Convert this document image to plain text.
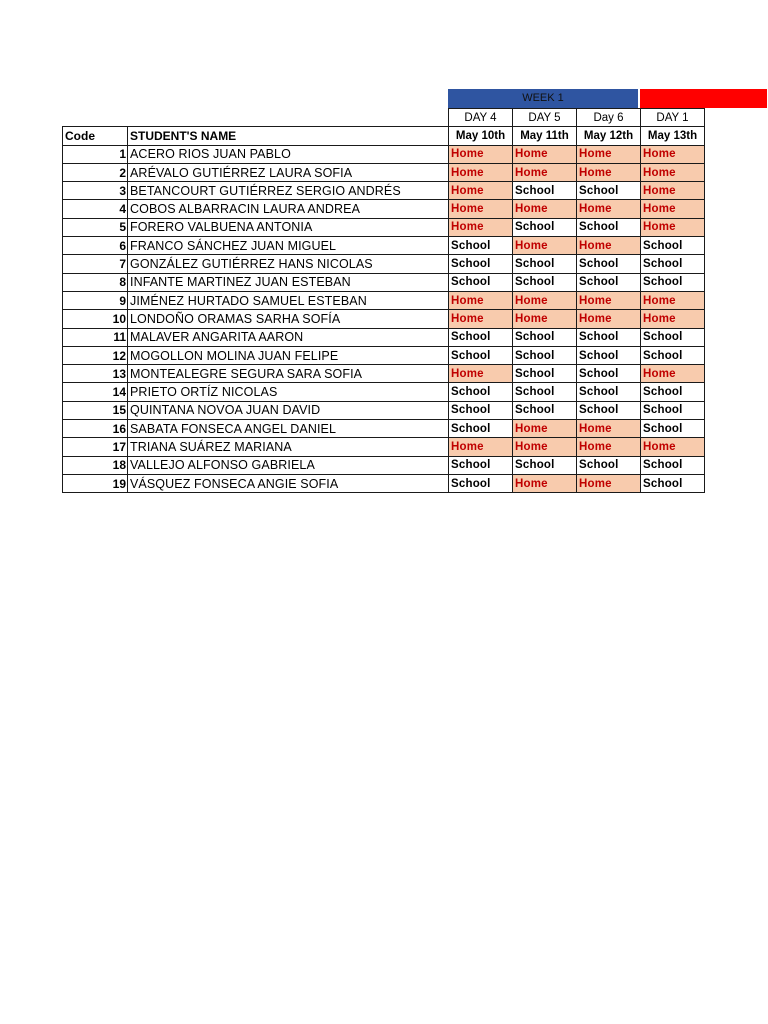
WEEK 1
		DAY 4	DAY 5	Day 6	DAY 1
Code	STUDENT'S NAME	May 10th	May 11th	May 12th	May 13th
1	ACERO RIOS JUAN PABLO	Home	Home	Home	Home
2	ARÉVALO GUTIÉRREZ LAURA SOFIA	Home	Home	Home	Home
3	BETANCOURT GUTIÉRREZ SERGIO ANDRÉS	Home	School	School	Home
4	COBOS ALBARRACIN LAURA ANDREA	Home	Home	Home	Home
5	FORERO VALBUENA ANTONIA	Home	School	School	Home
6	FRANCO SÁNCHEZ JUAN MIGUEL	School	Home	Home	School
7	GONZÁLEZ GUTIÉRREZ HANS NICOLAS	School	School	School	School
8	INFANTE MARTINEZ JUAN ESTEBAN	School	School	School	School
9	JIMÉNEZ HURTADO SAMUEL ESTEBAN	Home	Home	Home	Home
10	LONDOÑO ORAMAS SARHA SOFÍA	Home	Home	Home	Home
11	MALAVER ANGARITA AARON	School	School	School	School
12	MOGOLLON MOLINA JUAN FELIPE	School	School	School	School
13	MONTEALEGRE SEGURA SARA SOFIA	Home	School	School	Home
14	PRIETO ORTÍZ NICOLAS	School	School	School	School
15	QUINTANA NOVOA JUAN DAVID	School	School	School	School
16	SABATA FONSECA ANGEL DANIEL	School	Home	Home	School
17	TRIANA SUÁREZ MARIANA	Home	Home	Home	Home
18	VALLEJO ALFONSO GABRIELA	School	School	School	School
19	VÁSQUEZ FONSECA ANGIE SOFIA	School	Home	Home	School
